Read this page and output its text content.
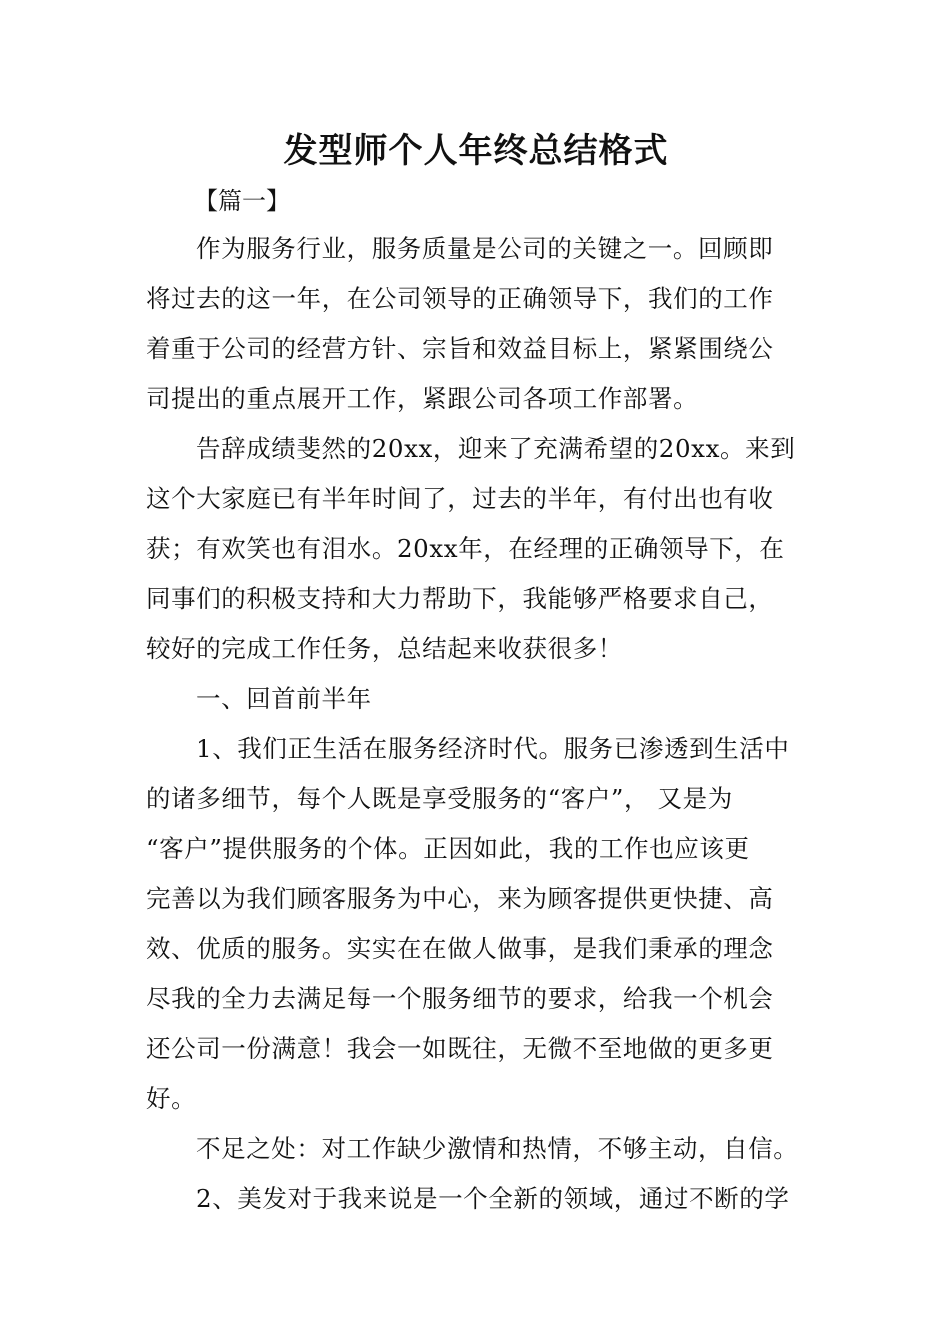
发型师个人年终总结格式
【篇一】
作为服务行业，服务质量是公司的关键之一。回顾即
将过去的这一年，在公司领导的正确领导下，我们的工作
着重于公司的经营方针、宗旨和效益目标上，紧紧围绕公
司提出的重点展开工作，紧跟公司各项工作部署。
告辞成绩斐然的20xx，迎来了充满希望的20xx。来到
这个大家庭已有半年时间了，过去的半年，有付出也有收
获；有欢笑也有泪水。20xx年，在经理的正确领导下，在
同事们的积极支持和大力帮助下，我能够严格要求自己，
较好的完成工作任务，总结起来收获很多！
一、回首前半年
1、我们正生活在服务经济时代。服务已渗透到生活中
的诸多细节，每个人既是享受服务的“客户”， 又是为
“客户”提供服务的个体。正因如此，我的工作也应该更
完善以为我们顾客服务为中心，来为顾客提供更快捷、高
效、优质的服务。实实在在做人做事，是我们秉承的理念
尽我的全力去满足每一个服务细节的要求，给我一个机会
还公司一份满意！我会一如既往，无微不至地做的更多更
好。
不足之处：对工作缺少激情和热情，不够主动，自信。
2、美发对于我来说是一个全新的领域，通过不断的学
